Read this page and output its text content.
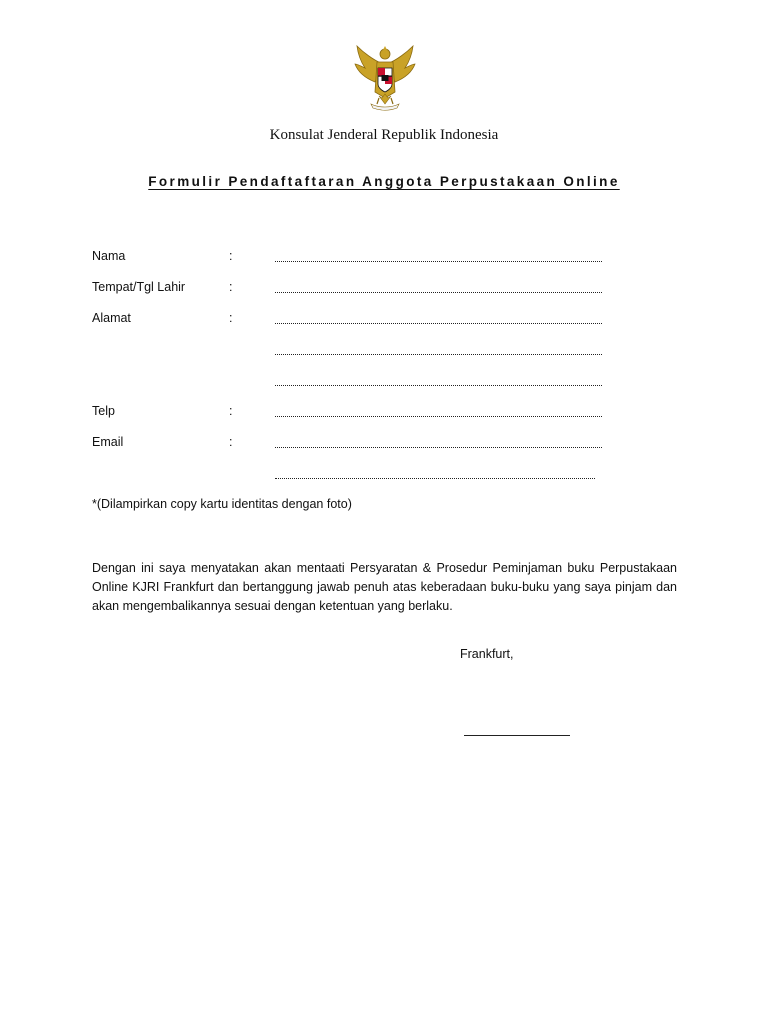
Konsulat Jenderal Republik Indonesia
Formulir Pendaftaftaran Anggota Perpustakaan Online
Nama	:
Tempat/Tgl Lahir	:
Alamat	:
Telp	:
Email	:
*(Dilampirkan copy kartu identitas dengan foto)
Dengan ini saya menyatakan akan mentaati Persyaratan & Prosedur Peminjaman buku Perpustakaan Online KJRI Frankfurt dan bertanggung jawab penuh atas keberadaan buku-buku yang saya pinjam dan akan mengembalikannya sesuai dengan ketentuan yang berlaku.
Frankfurt,
